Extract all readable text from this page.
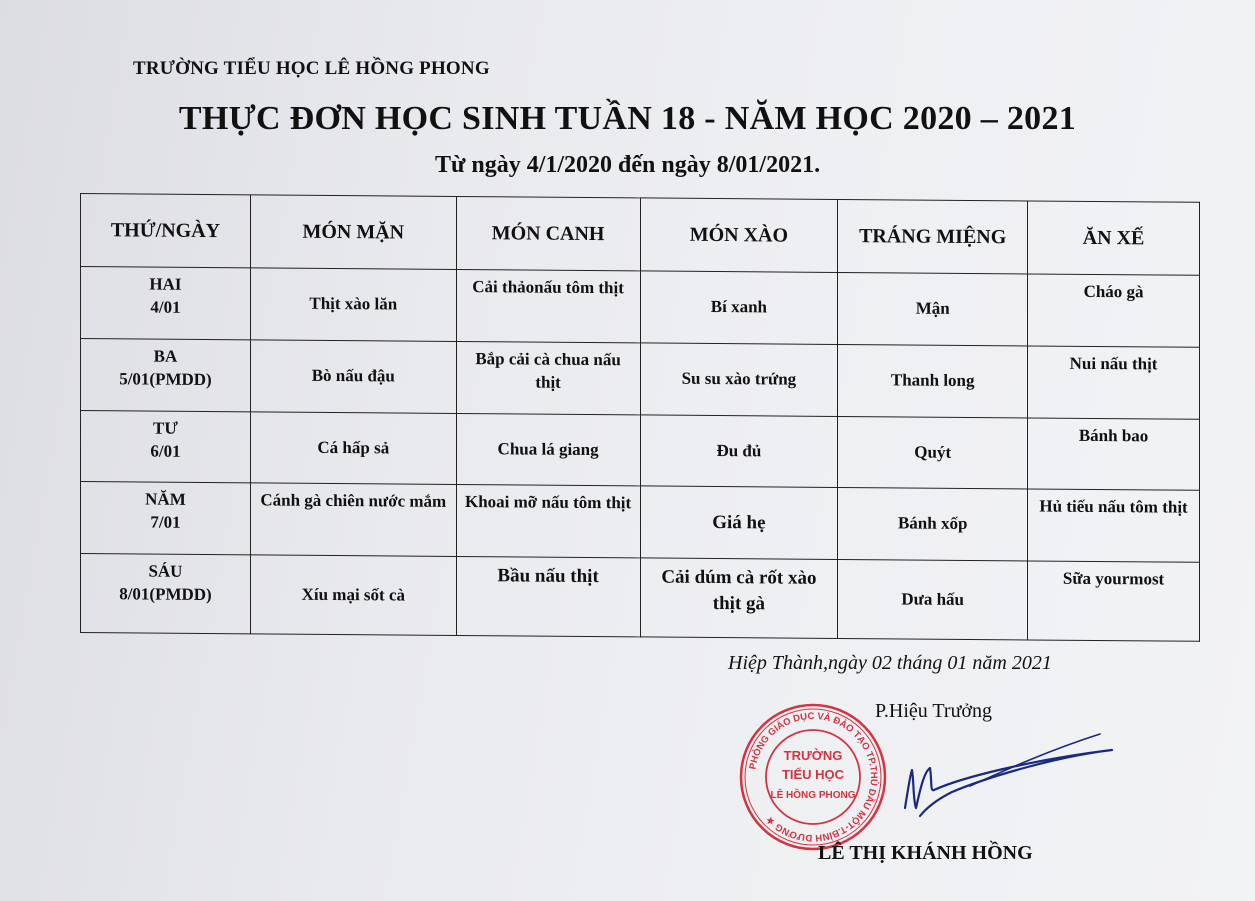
TRƯỜNG TIỂU HỌC LÊ HỒNG PHONG
THỰC ĐƠN HỌC SINH TUẦN 18 - NĂM HỌC 2020 – 2021
Từ ngày 4/1/2020 đến ngày 8/01/2021.
THỨ/NGÀY	MÓN MẶN	MÓN CANH	MÓN XÀO	TRÁNG MIỆNG	ĂN XẾ
HAI
4/01	Thịt xào lăn	Cải thảonấu tôm thịt	Bí xanh	Mận	Cháo gà
BA
5/01(PMDD)	Bò nấu đậu	Bắp cải cà chua nấu thịt	Su su xào trứng	Thanh long	Nui nấu thịt
TƯ
6/01	Cá hấp sả	Chua lá giang	Đu đủ	Quýt	Bánh bao
NĂM
7/01	Cánh gà chiên nước mắm	Khoai mỡ nấu tôm thịt	Giá hẹ	Bánh xốp	Hủ tiếu nấu tôm thịt
SÁU
8/01(PMDD)	Xíu mại sốt cà	Bầu nấu thịt	Cải dúm cà rốt xào thịt gà	Dưa hấu	Sữa yourmost
Hiệp Thành,ngày 02 tháng 01 năm 2021
P.Hiệu Trưởng
PHÒNG GIÁO DỤC VÀ ĐÀO TẠO TP.THỦ DẦU MỘT-T.BÌNH DƯƠNG ★
TRƯỜNG
TIỂU HỌC
LÊ HỒNG PHONG
LÊ THỊ KHÁNH HỒNG
